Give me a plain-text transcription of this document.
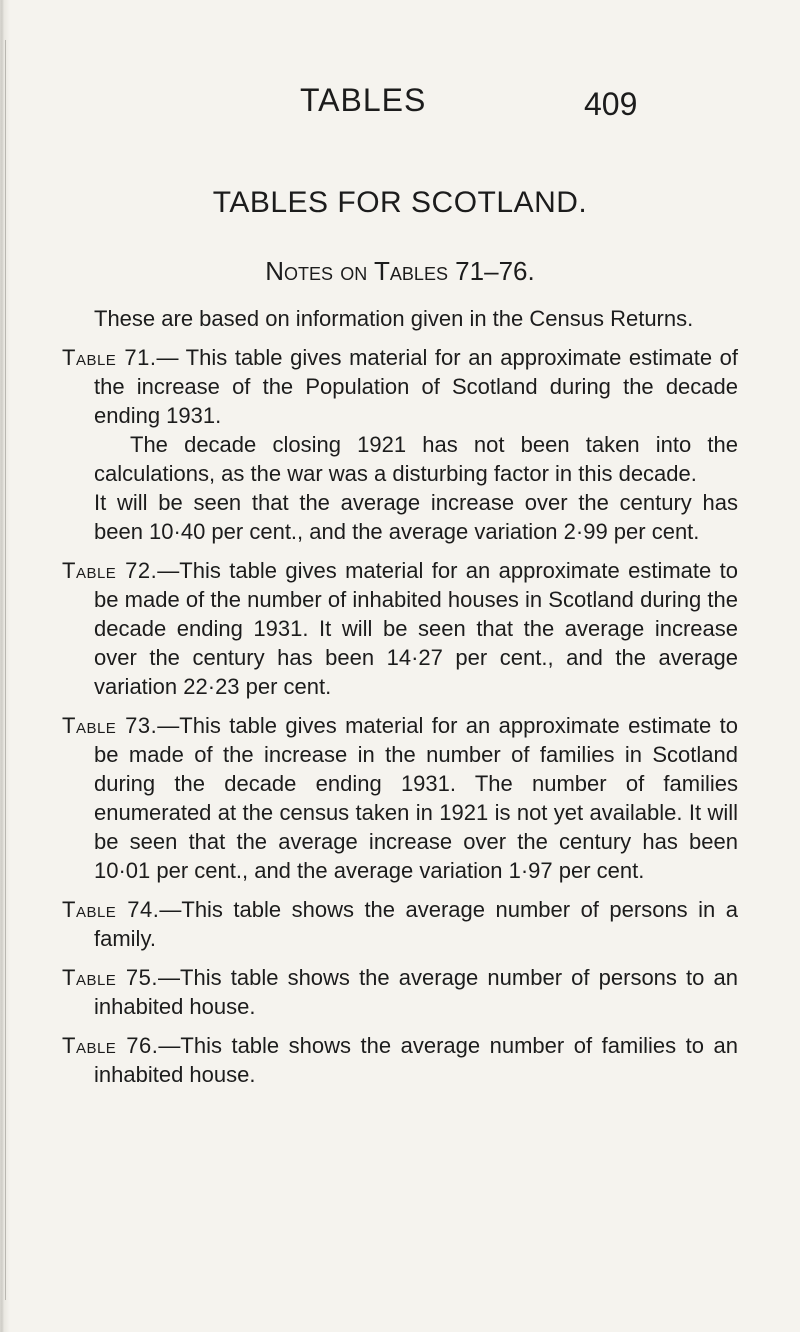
TABLES	409
TABLES FOR SCOTLAND.
Notes on Tables 71–76.

These are based on information given in the Census Returns.

Table 71.— This table gives material for an approximate estimate of the increase of the Population of Scotland during the decade ending 1931.

The decade closing 1921 has not been taken into the calculations, as the war was a disturbing factor in this decade.

It will be seen that the average increase over the century has been 10·40 per cent., and the average variation 2·99 per cent.

Table 72.—This table gives material for an approximate estimate to be made of the number of inhabited houses in Scotland during the decade ending 1931. It will be seen that the average increase over the century has been 14·27 per cent., and the average variation 22·23 per cent.

Table 73.—This table gives material for an approximate estimate to be made of the increase in the number of families in Scotland during the decade ending 1931. The number of families enumerated at the census taken in 1921 is not yet available. It will be seen that the average increase over the century has been 10·01 per cent., and the average variation 1·97 per cent.

Table 74.—This table shows the average number of persons in a family.

Table 75.—This table shows the average number of persons to an inhabited house.

Table 76.—This table shows the average number of families to an inhabited house.
